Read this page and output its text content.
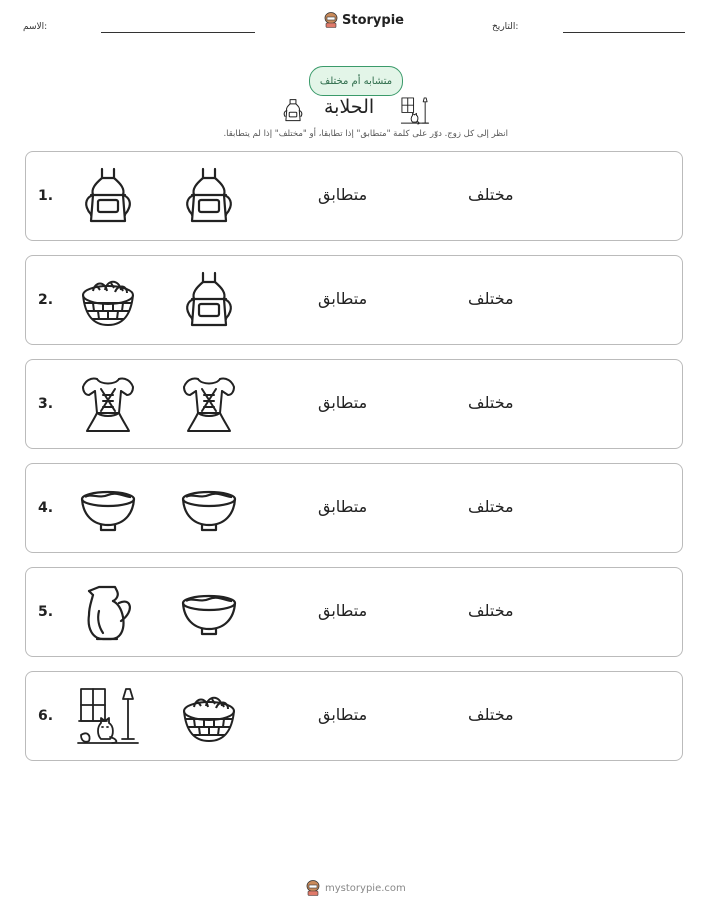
الاسم:	Storypie	التاريخ:
متشابه أم مختلف
الحلابة
انظر إلى كل زوج. دوّر على كلمة "متطابق" إذا تطابقا، أو "مختلف" إذا لم يتطابقا.
1.	متطابق	مختلف
2.	متطابق	مختلف
3.	متطابق	مختلف
4.	متطابق	مختلف
5.	متطابق	مختلف
6.	متطابق	مختلف
mystorypie.com
